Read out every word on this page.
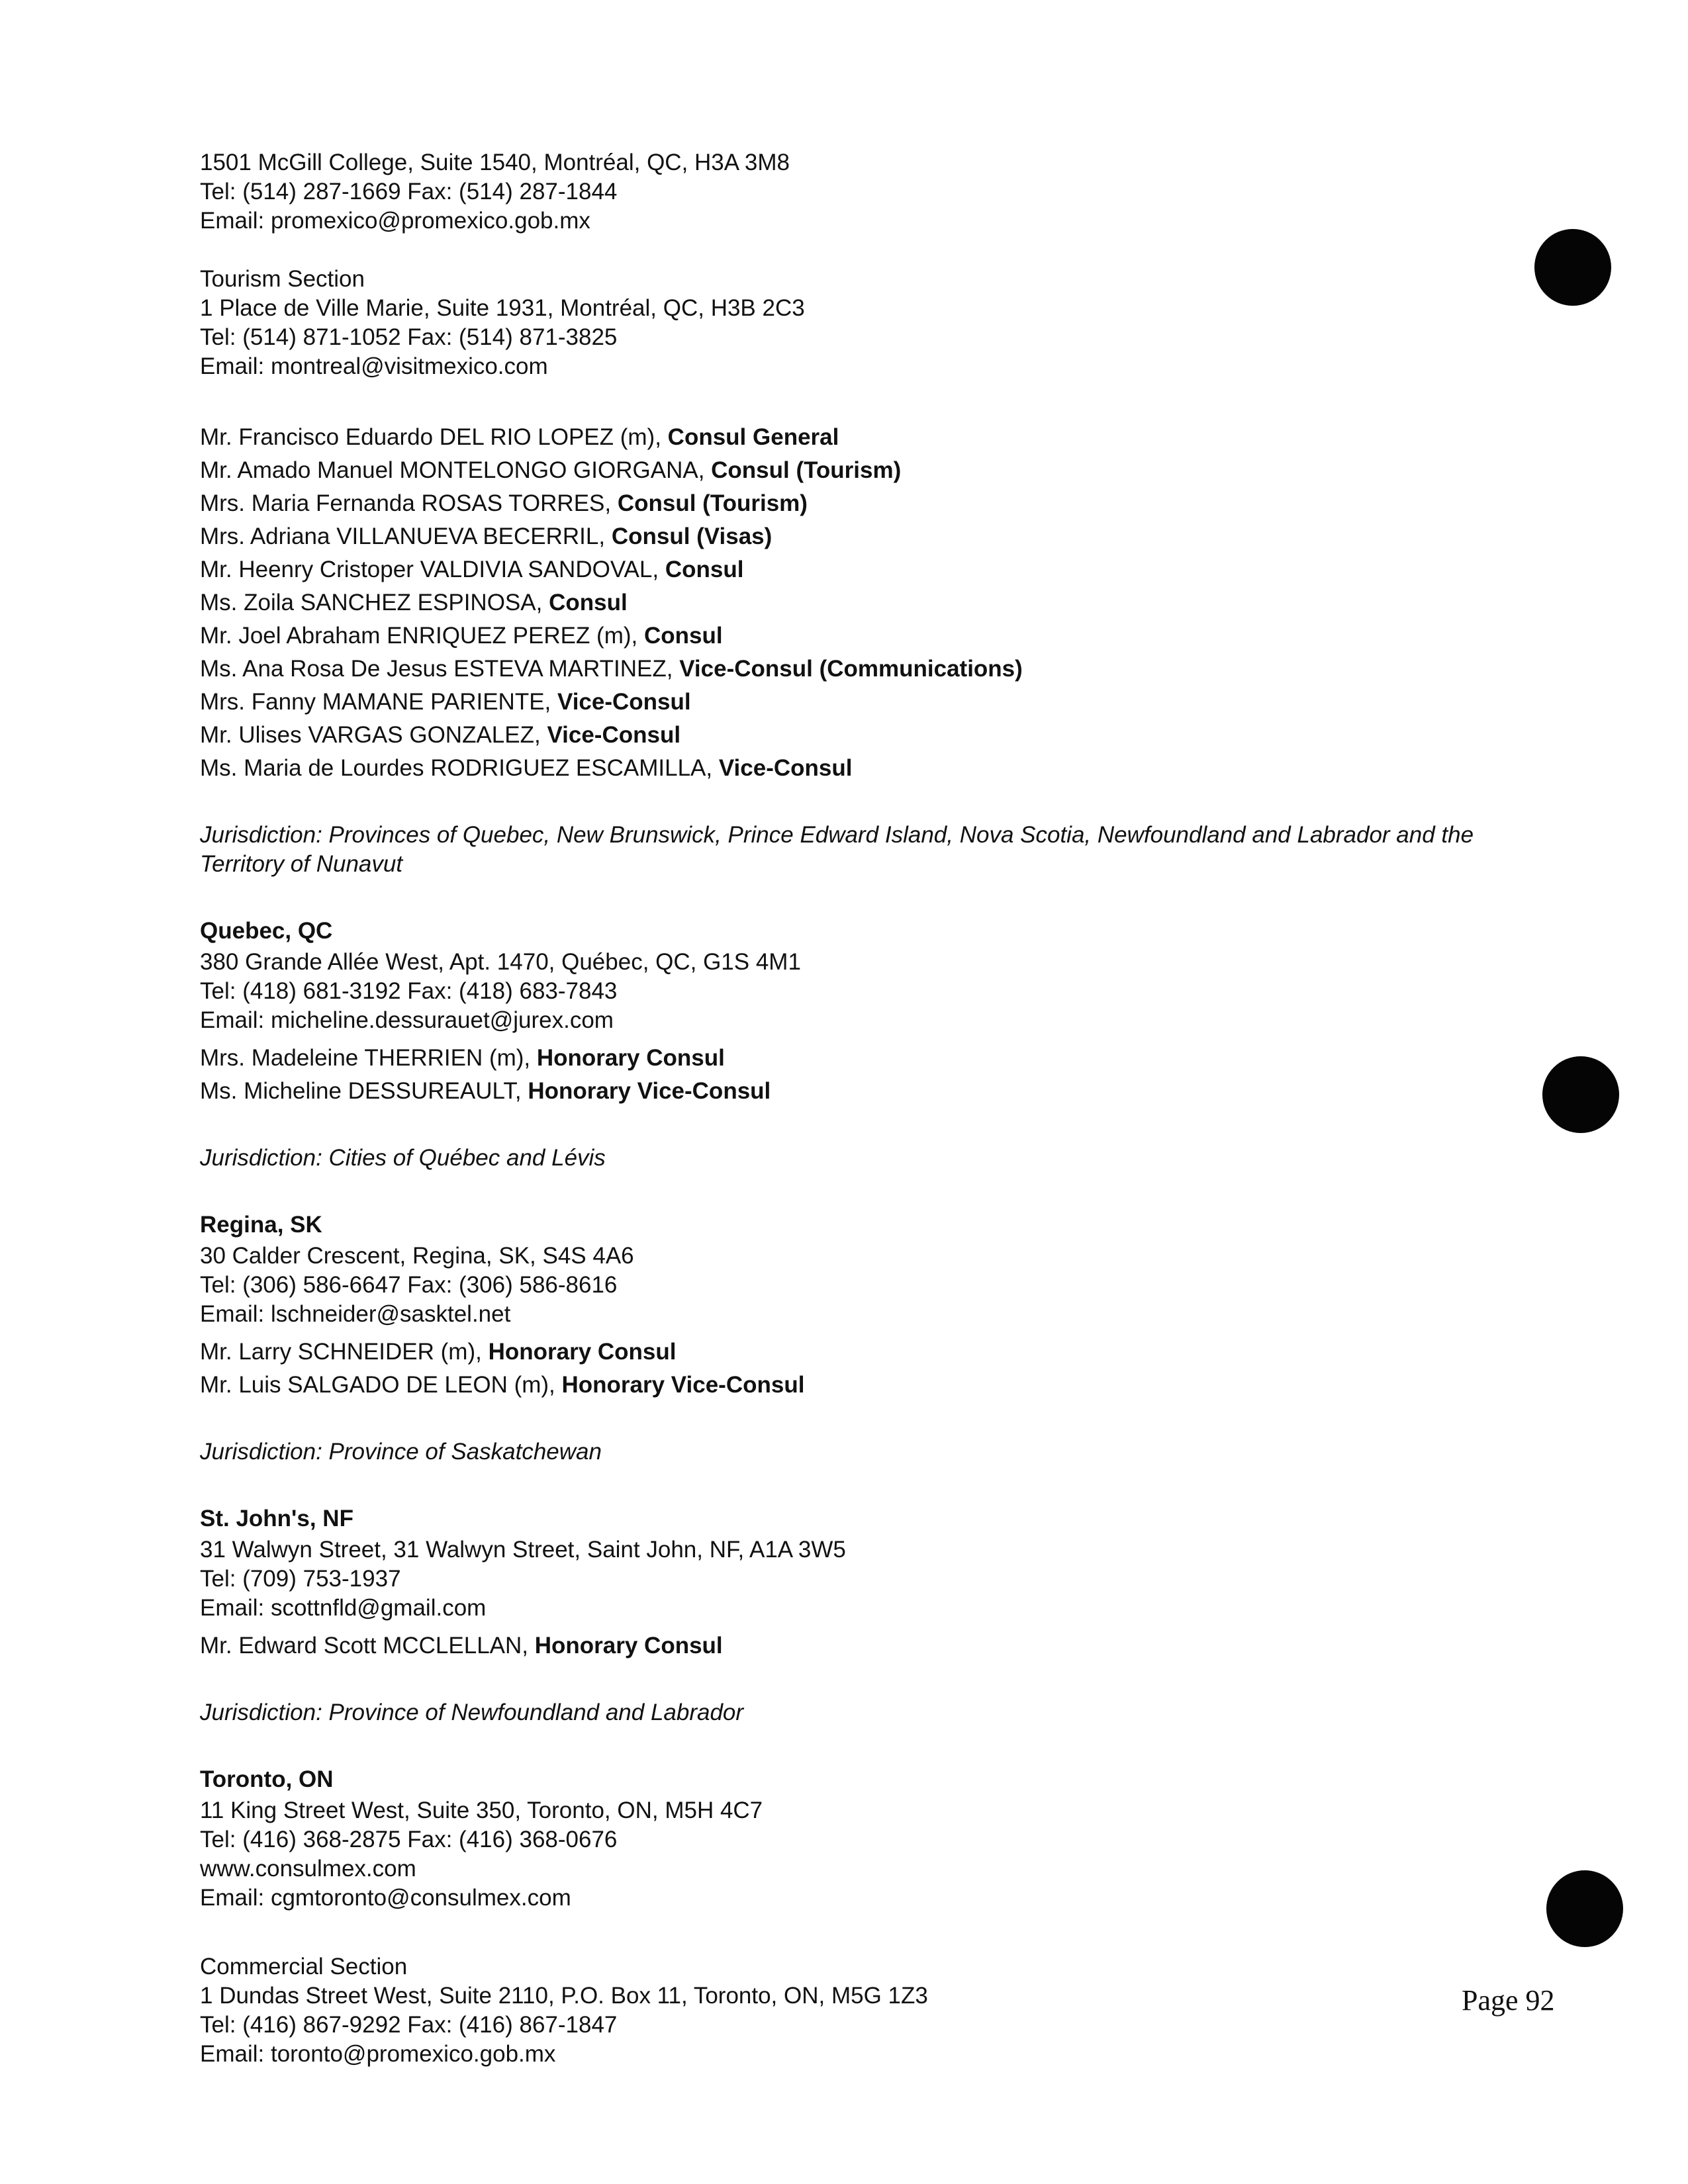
1501 McGill College, Suite 1540, Montréal, QC, H3A 3M8
Tel: (514) 287-1669 Fax: (514) 287-1844
Email: promexico@promexico.gob.mx
Tourism Section
1 Place de Ville Marie, Suite 1931, Montréal, QC, H3B 2C3
Tel: (514) 871-1052 Fax: (514) 871-3825
Email: montreal@visitmexico.com
Mr. Francisco Eduardo DEL RIO LOPEZ (m), Consul General
Mr. Amado Manuel MONTELONGO GIORGANA, Consul (Tourism)
Mrs. Maria Fernanda ROSAS TORRES, Consul (Tourism)
Mrs. Adriana VILLANUEVA BECERRIL, Consul (Visas)
Mr. Heenry Cristoper VALDIVIA SANDOVAL, Consul
Ms. Zoila SANCHEZ ESPINOSA, Consul
Mr. Joel Abraham ENRIQUEZ PEREZ (m), Consul
Ms. Ana Rosa De Jesus ESTEVA MARTINEZ, Vice-Consul (Communications)
Mrs. Fanny MAMANE PARIENTE, Vice-Consul
Mr. Ulises VARGAS GONZALEZ, Vice-Consul
Ms. Maria de Lourdes RODRIGUEZ ESCAMILLA, Vice-Consul
Jurisdiction: Provinces of Quebec, New Brunswick, Prince Edward Island, Nova Scotia, Newfoundland and Labrador and the Territory of Nunavut
Quebec, QC
380 Grande Allée West, Apt. 1470, Québec, QC, G1S 4M1
Tel: (418) 681-3192 Fax: (418) 683-7843
Email: micheline.dessurauet@jurex.com
Mrs. Madeleine THERRIEN (m), Honorary Consul
Ms. Micheline DESSUREAULT, Honorary Vice-Consul
Jurisdiction: Cities of Québec and Lévis
Regina, SK
30 Calder Crescent, Regina, SK, S4S 4A6
Tel: (306) 586-6647 Fax: (306) 586-8616
Email: lschneider@sasktel.net
Mr. Larry SCHNEIDER (m), Honorary Consul
Mr. Luis SALGADO DE LEON (m), Honorary Vice-Consul
Jurisdiction: Province of Saskatchewan
St. John's, NF
31 Walwyn Street, 31 Walwyn Street, Saint John, NF, A1A 3W5
Tel: (709) 753-1937
Email: scottnfld@gmail.com
Mr. Edward Scott MCCLELLAN, Honorary Consul
Jurisdiction: Province of Newfoundland and Labrador
Toronto, ON
11 King Street West, Suite 350, Toronto, ON, M5H 4C7
Tel: (416) 368-2875 Fax: (416) 368-0676
www.consulmex.com
Email: cgmtoronto@consulmex.com
Commercial Section
1 Dundas Street West, Suite 2110, P.O. Box 11, Toronto, ON, M5G 1Z3
Tel: (416) 867-9292 Fax: (416) 867-1847
Email: toronto@promexico.gob.mx
Page 92
